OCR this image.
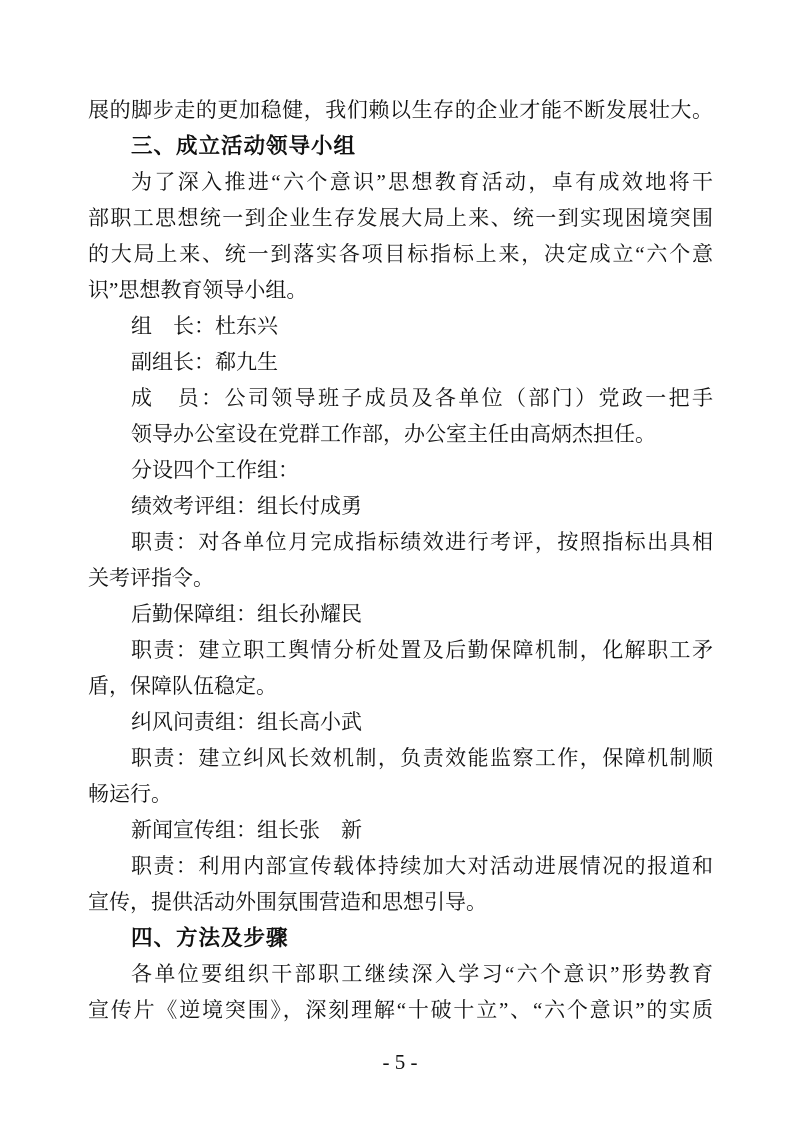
展的脚步走的更加稳健，我们赖以生存的企业才能不断发展壮大。
三、成立活动领导小组
为了深入推进“六个意识”思想教育活动，卓有成效地将干
部职工思想统一到企业生存发展大局上来、统一到实现困境突围
的大局上来、统一到落实各项目标指标上来，决定成立“六个意
识”思想教育领导小组。
组　长：杜东兴
副组长：郗九生
成　员：公司领导班子成员及各单位（部门）党政一把手
领导办公室设在党群工作部，办公室主任由高炳杰担任。
分设四个工作组：
绩效考评组：组长付成勇
职责：对各单位月完成指标绩效进行考评，按照指标出具相
关考评指令。
后勤保障组：组长孙耀民
职责：建立职工舆情分析处置及后勤保障机制，化解职工矛
盾，保障队伍稳定。
纠风问责组：组长高小武
职责：建立纠风长效机制，负责效能监察工作，保障机制顺
畅运行。
新闻宣传组：组长张　新
职责：利用内部宣传载体持续加大对活动进展情况的报道和
宣传，提供活动外围氛围营造和思想引导。
四、方法及步骤
各单位要组织干部职工继续深入学习“六个意识”形势教育
宣传片《逆境突围》，深刻理解“十破十立”、“六个意识”的实质
- 5 -
